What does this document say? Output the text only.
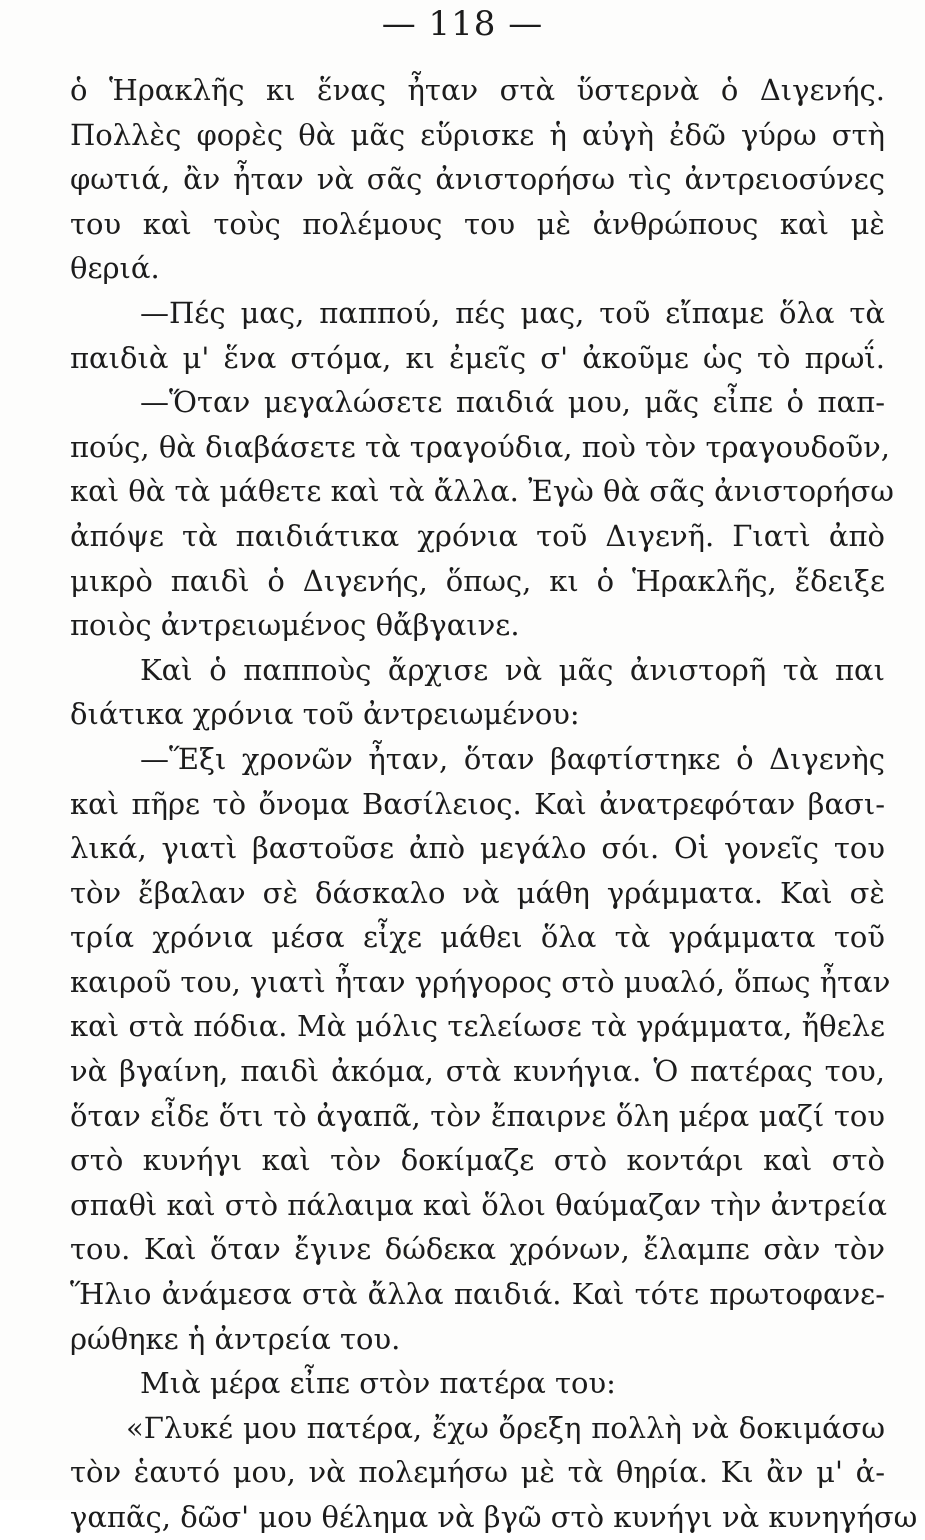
— 118 —
ὁ Ἡρακλῆς κι ἕνας ἦταν στὰ ὕστερνὰ ὁ Διγενής.
Πολλὲς φορὲς θὰ μᾶς εὕρισκε ἡ αὐγὴ ἐδῶ γύρω στὴ
φωτιά, ἂν ἦταν νὰ σᾶς ἀνιστορήσω τὶς ἀντρειοσύνες
του καὶ τοὺς πολέμους του μὲ ἀνθρώπους καὶ μὲ
θεριά.
—Πές μας, παππού, πές μας, τοῦ εἴπαμε ὅλα τὰ
παιδιὰ μ' ἕνα στόμα, κι ἐμεῖς σ' ἀκοῦμε ὡς τὸ πρωΐ.
—Ὅταν μεγαλώσετε παιδιά μου, μᾶς εἶπε ὁ παπ-
πούς, θὰ διαβάσετε τὰ τραγούδια, ποὺ τὸν τραγουδοῦν,
καὶ θὰ τὰ μάθετε καὶ τὰ ἄλλα. Ἐγὼ θὰ σᾶς ἀνιστορήσω
ἀπόψε τὰ παιδιάτικα χρόνια τοῦ Διγενῆ. Γιατὶ ἀπὸ
μικρὸ παιδὶ ὁ Διγενής, ὅπως, κι ὁ Ἡρακλῆς, ἔδειξε
ποιὸς ἀντρειωμένος θἄβγαινε.
Καὶ ὁ παπποὺς ἄρχισε νὰ μᾶς ἀνιστορῆ τὰ παι
διάτικα χρόνια τοῦ ἀντρειωμένου:
—Ἕξι χρονῶν ἦταν, ὅταν βαφτίστηκε ὁ Διγενὴς
καὶ πῆρε τὸ ὄνομα Βασίλειος. Καὶ ἀνατρεφόταν βασι-
λικά, γιατὶ βαστοῦσε ἀπὸ μεγάλο σόι. Οἱ γονεῖς του
τὸν ἔβαλαν σὲ δάσκαλο νὰ μάθη γράμματα. Καὶ σὲ
τρία χρόνια μέσα εἶχε μάθει ὅλα τὰ γράμματα τοῦ
καιροῦ του, γιατὶ ἦταν γρήγορος στὸ μυαλό, ὅπως ἦταν
καὶ στὰ πόδια. Μὰ μόλις τελείωσε τὰ γράμματα, ἤθελε
νὰ βγαίνη, παιδὶ ἀκόμα, στὰ κυνήγια. Ὁ πατέρας του,
ὅταν εἶδε ὅτι τὸ ἀγαπᾶ, τὸν ἔπαιρνε ὅλη μέρα μαζί του
στὸ κυνήγι καὶ τὸν δοκίμαζε στὸ κοντάρι καὶ στὸ
σπαθὶ καὶ στὸ πάλαιμα καὶ ὅλοι θαύμαζαν τὴν ἀντρεία
του. Καὶ ὅταν ἔγινε δώδεκα χρόνων, ἔλαμπε σὰν τὸν
Ἥλιο ἀνάμεσα στὰ ἄλλα παιδιά. Καὶ τότε πρωτοφανε-
ρώθηκε ἡ ἀντρεία του.
Μιὰ μέρα εἶπε στὸν πατέρα του:
«Γλυκέ μου πατέρα, ἔχω ὄρεξη πολλὴ νὰ δοκιμάσω
τὸν ἑαυτό μου, νὰ πολεμήσω μὲ τὰ θηρία. Κι ἂν μ' ἀ-
γαπᾶς, δῶσ' μου θέλημα νὰ βγῶ στὸ κυνήγι νὰ κυνηγήσω
